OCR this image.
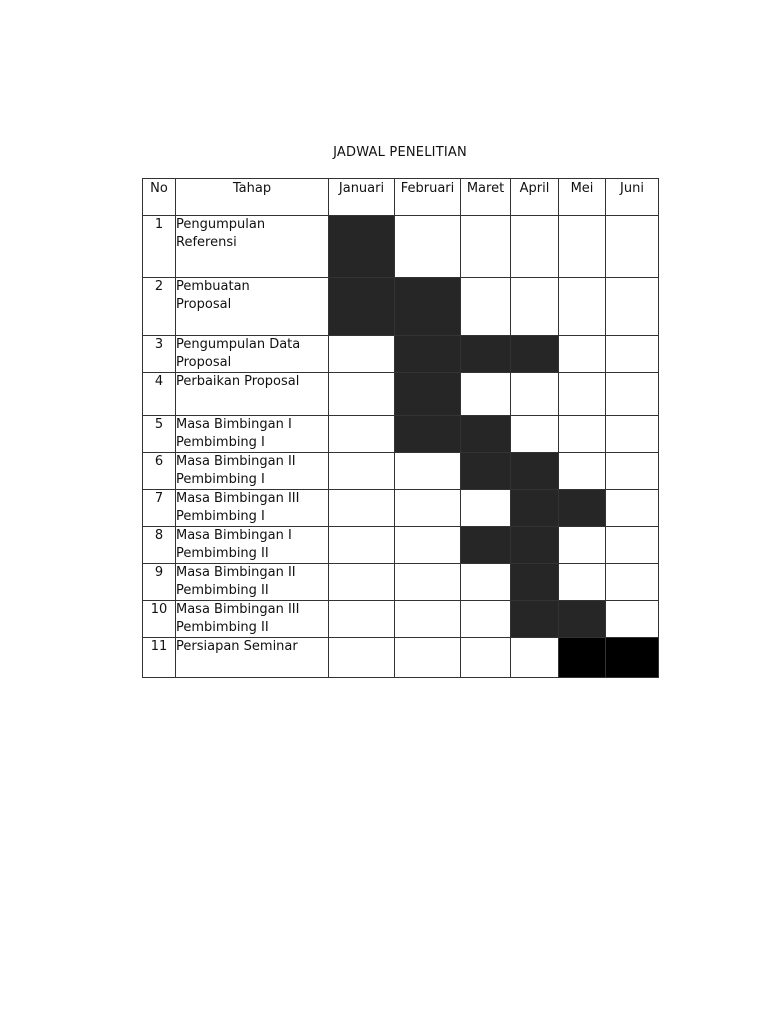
JADWAL PENELITIAN
No	Tahap	Januari	Februari	Maret	April	Mei	Juni
1	Pengumpulan
Referensi						

2	Pembuatan
Proposal						

3	Pengumpulan Data
Proposal						

4	Perbaikan Proposal						

5	Masa Bimbingan I
Pembimbing I						

6	Masa Bimbingan II
Pembimbing I						

7	Masa Bimbingan III
Pembimbing I						

8	Masa Bimbingan I
Pembimbing II						

9	Masa Bimbingan II
Pembimbing II						

10	Masa Bimbingan III
Pembimbing II						

11	Persiapan Seminar						
